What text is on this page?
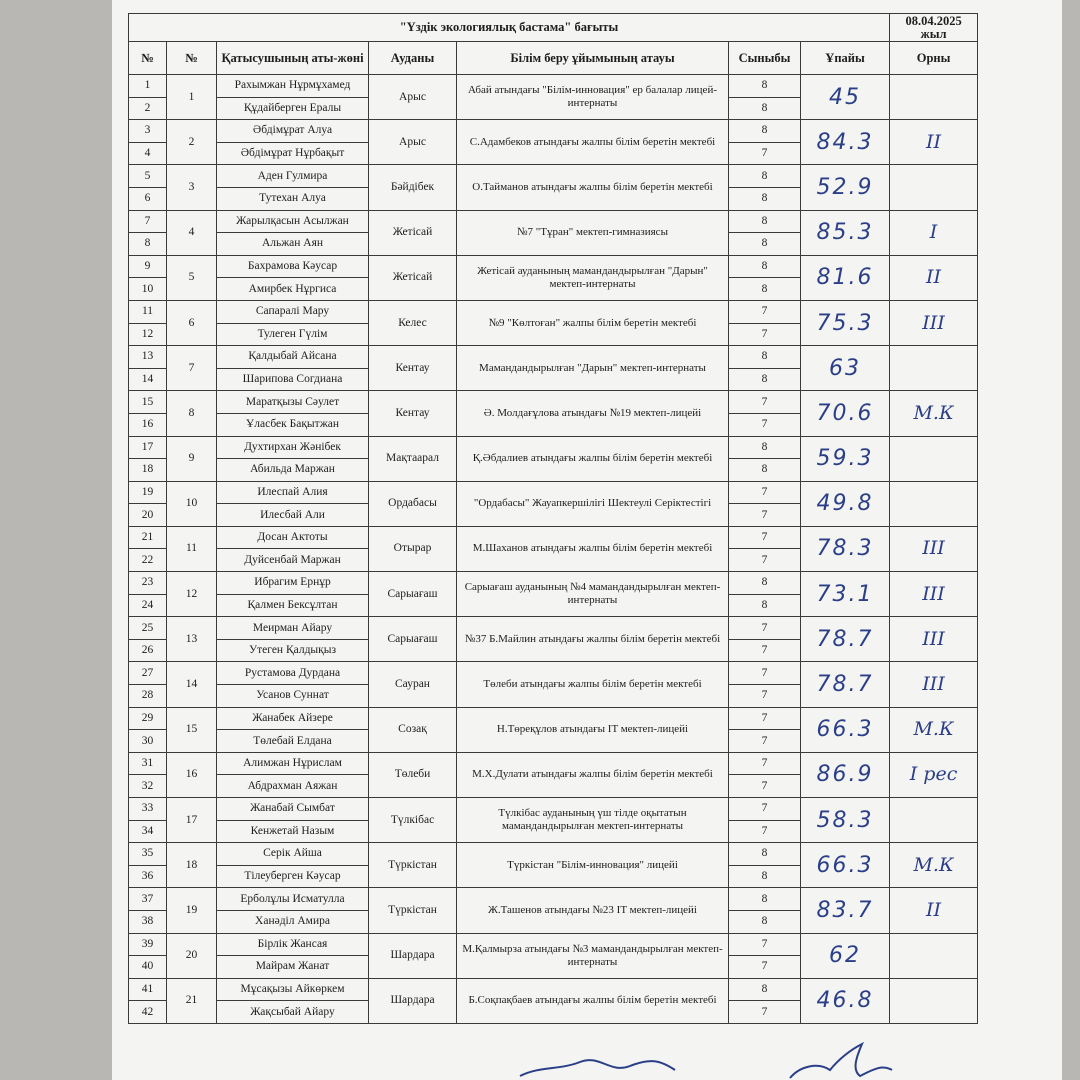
"Үздік экологиялық бастама" бағыты							08.04.2025 жыл
№	№	Қатысушының аты-жөні	Ауданы	Білім беру ұйымының атауы	Сыныбы	Ұпайы	Орны
1	1	Рахымжан Нұрмұхамед	Арыс	Абай атындағы "Білім-инновация" ер балалар лицей-интернаты	8	45	
2		Құдайберген Ералы			8		
3	2	Әбдімұрат Алуа	Арыс	С.Адамбеков атындағы жалпы білім беретін мектебі	8	84.3	II
4		Әбдімұрат Нұрбақыт			7		
5	3	Аден Гулмира	Бәйдібек	О.Тайманов атындағы жалпы білім беретін мектебі	8	52.9	
6		Тутехан Алуа			8		
7	4	Жарылқасын Асылжан	Жетісай	№7 "Тұран" мектеп-гимназиясы	8	85.3	I
8		Альжан Аян			8		
9	5	Бахрамова Кәусар	Жетісай	Жетісай ауданының мамандандырылған "Дарын" мектеп-интернаты	8	81.6	II
10		Амирбек Нұргиса			8		
11	6	Сапаралі Мару	Келес	№9 "Көлтоған" жалпы білім беретін мектебі	7	75.3	III
12		Тулеген Гүлім			7		
13	7	Қалдыбай Айсана	Кентау	Мамандандырылған "Дарын" мектеп-интернаты	8	63	
14		Шарипова Согдиана			8		
15	8	Маратқызы Сәулет	Кентау	Ә. Молдағұлова атындағы №19 мектеп-лицейі	7	70.6	М.К
16		Ұласбек Бақытжан			7		
17	9	Духтирхан Жәнібек	Мақтаарал	Қ.Әбдалиев атындағы жалпы білім беретін мектебі	8	59.3	
18		Абильда Маржан			8		
19	10	Илеспай Алия	Ордабасы	"Ордабасы" Жауапкершілігі Шектеулі Серіктестігі	7	49.8	
20		Илесбай Али			7		
21	11	Досан Актоты	Отырар	М.Шаханов атындағы жалпы білім беретін мектебі	7	78.3	III
22		Дуйсенбай Маржан			7		
23	12	Ибрагим Ернұр	Сарыағаш	Сарыағаш ауданының №4 мамандандырылған мектеп-интернаты	8	73.1	III
24		Қалмен Бексұлтан			8		
25	13	Меирман Айару	Сарыағаш	№37 Б.Майлин атындағы жалпы білім беретін мектебі	7	78.7	III
26		Утеген Қалдықыз			7		
27	14	Рустамова Дурдана	Сауран	Төлеби атындағы жалпы білім беретін мектебі	7	78.7	III
28		Усанов Суннат			7		
29	15	Жанабек Айзере	Созақ	Н.Төреқұлов атындағы IT мектеп-лицейі	7	66.3	М.К
30		Төлебай Елдана			7		
31	16	Алимжан Нұрислам	Төлеби	М.Х.Дулати атындағы жалпы білім беретін мектебі	7	86.9	I рес
32		Абдрахман Аяжан			7		
33	17	Жанабай Сымбат	Түлкібас	Түлкібас ауданының үш тілде оқытатын мамандандырылған мектеп-интернаты	7	58.3	
34		Кенжетай Назым			7		
35	18	Серік Айша	Түркістан	Түркістан "Білім-инновация" лицейі	8	66.3	М.К
36		Тілеуберген Кәусар			8		
37	19	Ерболұлы Исматулла	Түркістан	Ж.Ташенов атындағы №23 IT мектеп-лицейі	8	83.7	II
38		Ханәділ Амира			8		
39	20	Бірлік Жансая	Шардара	М.Қалмырза атындағы №3 мамандандырылған мектеп-интернаты	7	62	
40		Майрам Жанат			7		
41	21	Мұсақызы Айкөркем	Шардара	Б.Соқпақбаев атындағы жалпы білім беретін мектебі	8	46.8	
42		Жақсыбай Айару			7		
